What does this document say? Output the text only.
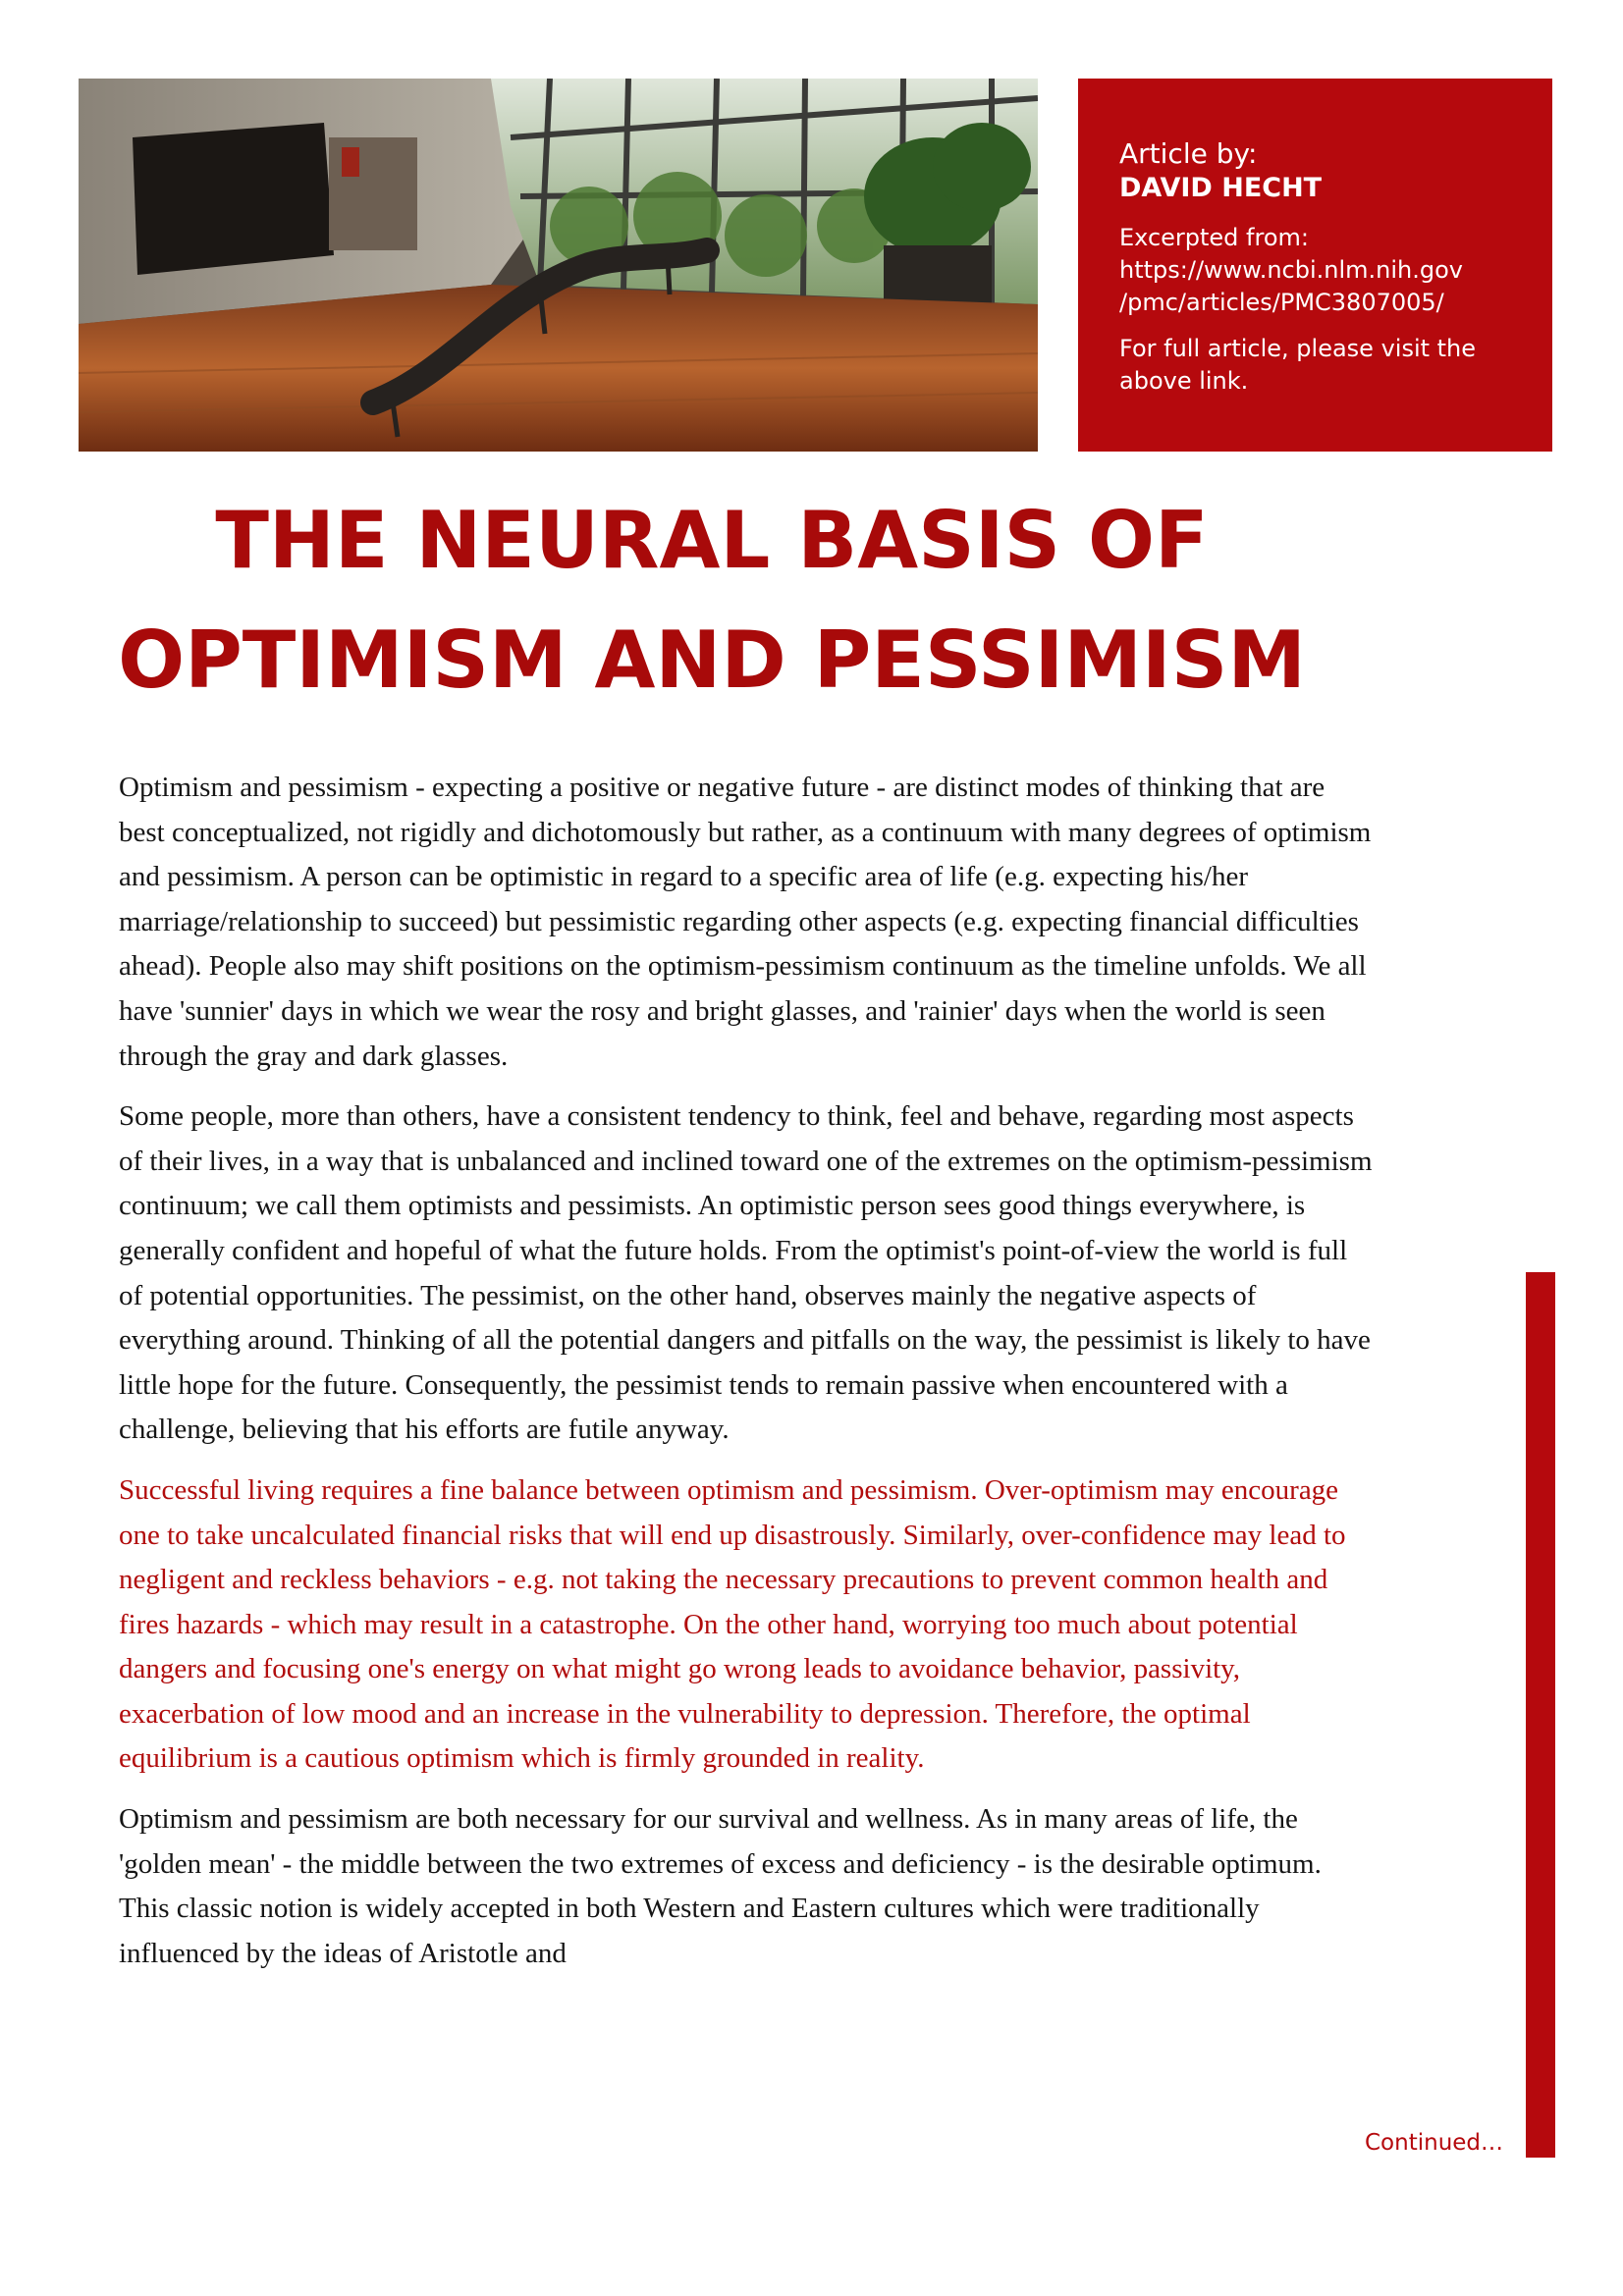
Article by:
DAVID HECHT
Excerpted from:
https://www.ncbi.nlm.nih.gov
/pmc/articles/PMC3807005/
For full article, please visit the
above link.
THE NEURAL BASIS OF
OPTIMISM AND PESSIMISM

Optimism and pessimism - expecting a positive or negative future - are distinct modes of thinking that are best conceptualized, not rigidly and dichotomously but rather, as a continuum with many degrees of optimism and pessimism. A person can be optimistic in regard to a specific area of life (e.g. expecting his/her marriage/relationship to succeed) but pessimistic regarding other aspects (e.g. expecting financial difficulties ahead). People also may shift positions on the optimism-pessimism continuum as the timeline unfolds. We all have 'sunnier' days in which we wear the rosy and bright glasses, and 'rainier' days when the world is seen through the gray and dark glasses.

Some people, more than others, have a consistent tendency to think, feel and behave, regarding most aspects of their lives, in a way that is unbalanced and inclined toward one of the extremes on the optimism-pessimism continuum; we call them optimists and pessimists. An optimistic person sees good things everywhere, is generally confident and hopeful of what the future holds. From the optimist's point-of-view the world is full of potential opportunities. The pessimist, on the other hand, observes mainly the negative aspects of everything around. Thinking of all the potential dangers and pitfalls on the way, the pessimist is likely to have little hope for the future. Consequently, the pessimist tends to remain passive when encountered with a challenge, believing that his efforts are futile anyway.

Successful living requires a fine balance between optimism and pessimism. Over-optimism may encourage one to take uncalculated financial risks that will end up disastrously. Similarly, over-confidence may lead to negligent and reckless behaviors - e.g. not taking the necessary precautions to prevent common health and fires hazards - which may result in a catastrophe. On the other hand, worrying too much about potential dangers and focusing one's energy on what might go wrong leads to avoidance behavior, passivity, exacerbation of low mood and an increase in the vulnerability to depression. Therefore, the optimal equilibrium is a cautious optimism which is firmly grounded in reality.

Optimism and pessimism are both necessary for our survival and wellness. As in many areas of life, the 'golden mean' - the middle between the two extremes of excess and deficiency - is the desirable optimum. This classic notion is widely accepted in both Western and Eastern cultures which were traditionally influenced by the ideas of Aristotle and

Continued…
